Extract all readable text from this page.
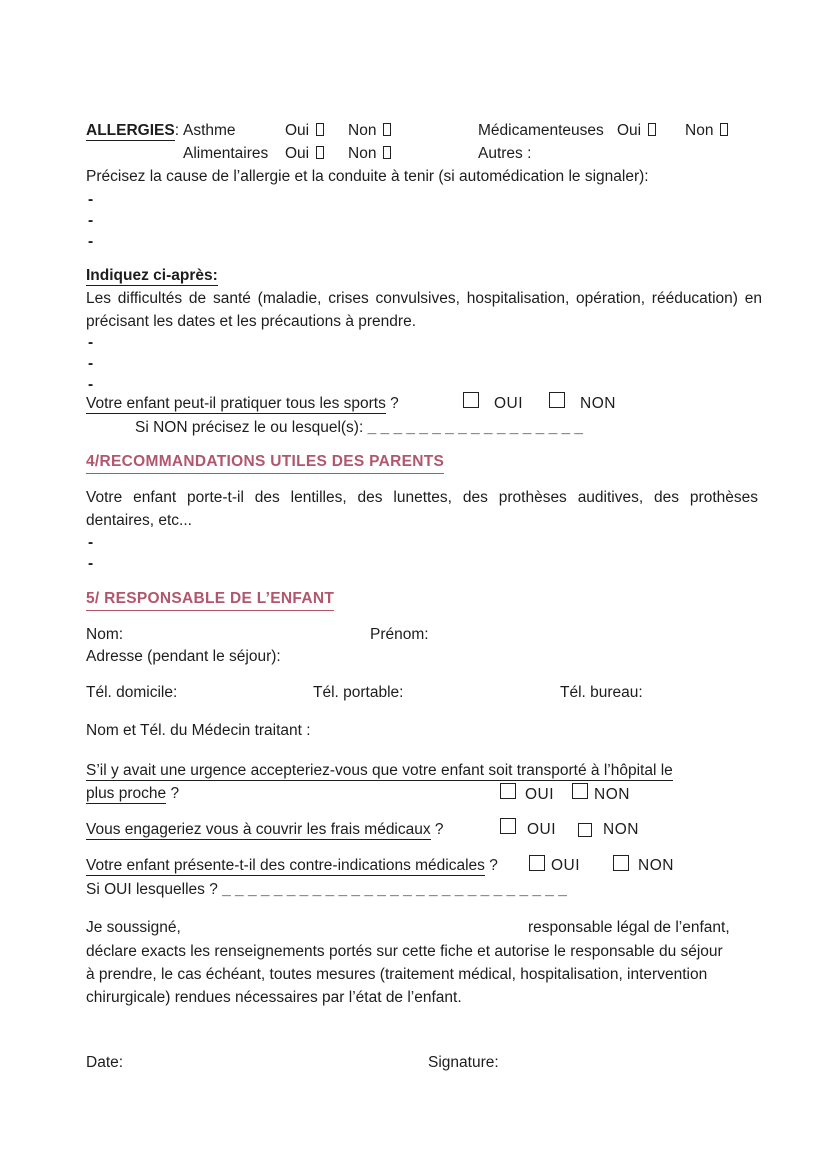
ALLERGIES: Asthme	Oui	Non	Médicamenteuses Oui	Non
Alimentaires Oui	Non	Autres :
Précisez la cause de l’allergie et la conduite à tenir (si automédication le signaler):
-
-
-
Indiquez ci-après:
Les difficultés de santé (maladie, crises convulsives, hospitalisation, opération, rééducation) en précisant les dates et les précautions à prendre.
-
-
-
Votre enfant peut-il pratiquer tous les sports ?	OUI	NON
Si NON précisez le ou lesquel(s): _ _ _ _ _ _ _ _ _ _ _ _ _ _ _ _ _
4/RECOMMANDATIONS UTILES DES PARENTS
Votre enfant porte-t-il des lentilles, des lunettes, des prothèses auditives, des prothèses dentaires, etc...
-
-
5/ RESPONSABLE DE L’ENFANT
Nom:	Prénom:
Adresse (pendant le séjour):
Tél. domicile:	Tél. portable:	Tél. bureau:
Nom et Tél. du Médecin traitant :
S’il y avait une urgence accepteriez-vous que votre enfant soit transporté à l’hôpital le
plus proche ?	OUI	NON
Vous engageriez vous à couvrir les frais médicaux ?	OUI	NON
Votre enfant présente-t-il des contre-indications médicales ?	OUI	NON
Si OUI lesquelles ? _ _ _ _ _ _ _ _ _ _ _ _ _ _ _ _ _ _ _ _ _ _ _ _ _ _ _
Je soussigné,	responsable légal de l’enfant,
déclare exacts les renseignements portés sur cette fiche et autorise le responsable du séjour à prendre, le cas échéant, toutes mesures (traitement médical, hospitalisation, intervention chirurgicale) rendues nécessaires par l’état de l’enfant.
Date:	Signature:
